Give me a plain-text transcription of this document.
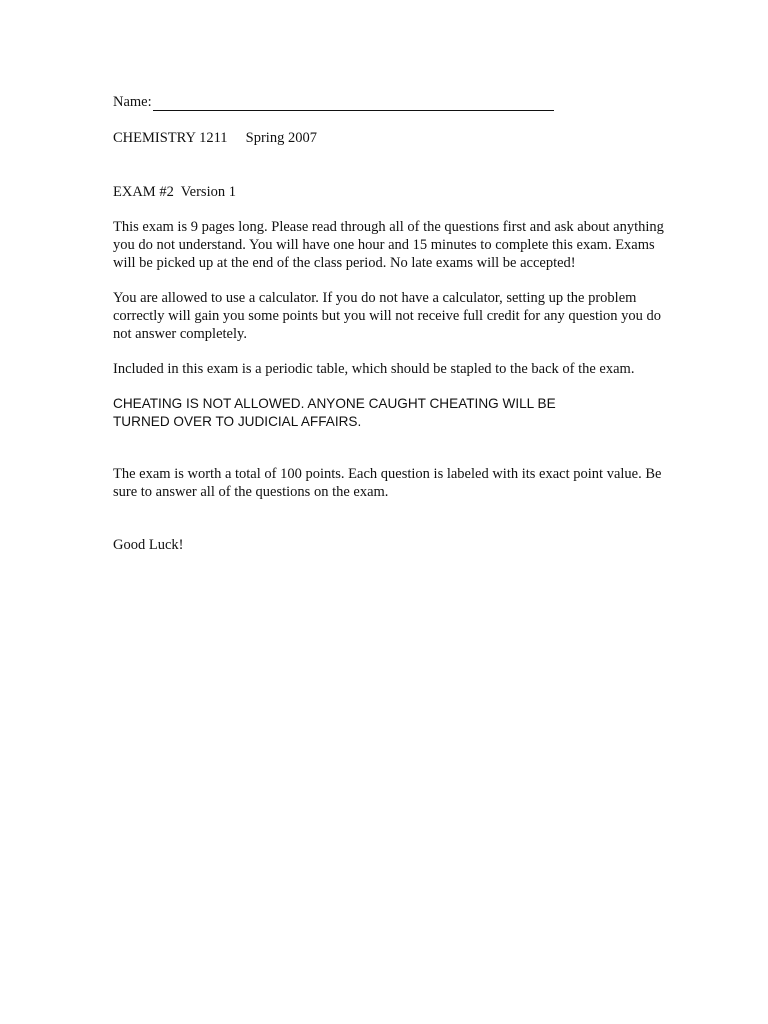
Name:
CHEMISTRY 1211     Spring 2007
EXAM #2  Version 1

This exam is 9 pages long. Please read through all of the questions first and ask about anything you do not understand. You will have one hour and 15 minutes to complete this exam. Exams will be picked up at the end of the class period. No late exams will be accepted!

You are allowed to use a calculator. If you do not have a calculator, setting up the problem correctly will gain you some points but you will not receive full credit for any question you do not answer completely.

Included in this exam is a periodic table, which should be stapled to the back of the exam.

CHEATING IS NOT ALLOWED. ANYONE CAUGHT CHEATING WILL BE
TURNED OVER TO JUDICIAL AFFAIRS.

The exam is worth a total of 100 points. Each question is labeled with its exact point value. Be sure to answer all of the questions on the exam.

Good Luck!
